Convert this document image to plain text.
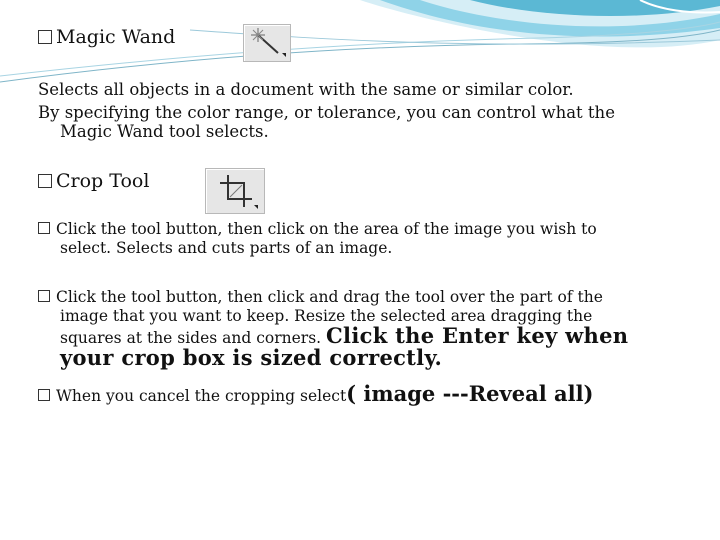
Magic Wand
Selects all objects in a document with the same or similar color.
By specifying the color range, or tolerance, you can control what the
Magic Wand tool selects.
Crop Tool
Click the tool button, then click on the area of the image you wish to
select. Selects and cuts parts of an image.
Click the tool button, then click and drag the tool over the part of the
image that you want to keep. Resize the selected area dragging the
squares at the sides and corners. Click the Enter key when
your crop box is sized correctly.
When you cancel the cropping select( image ---Reveal all)
